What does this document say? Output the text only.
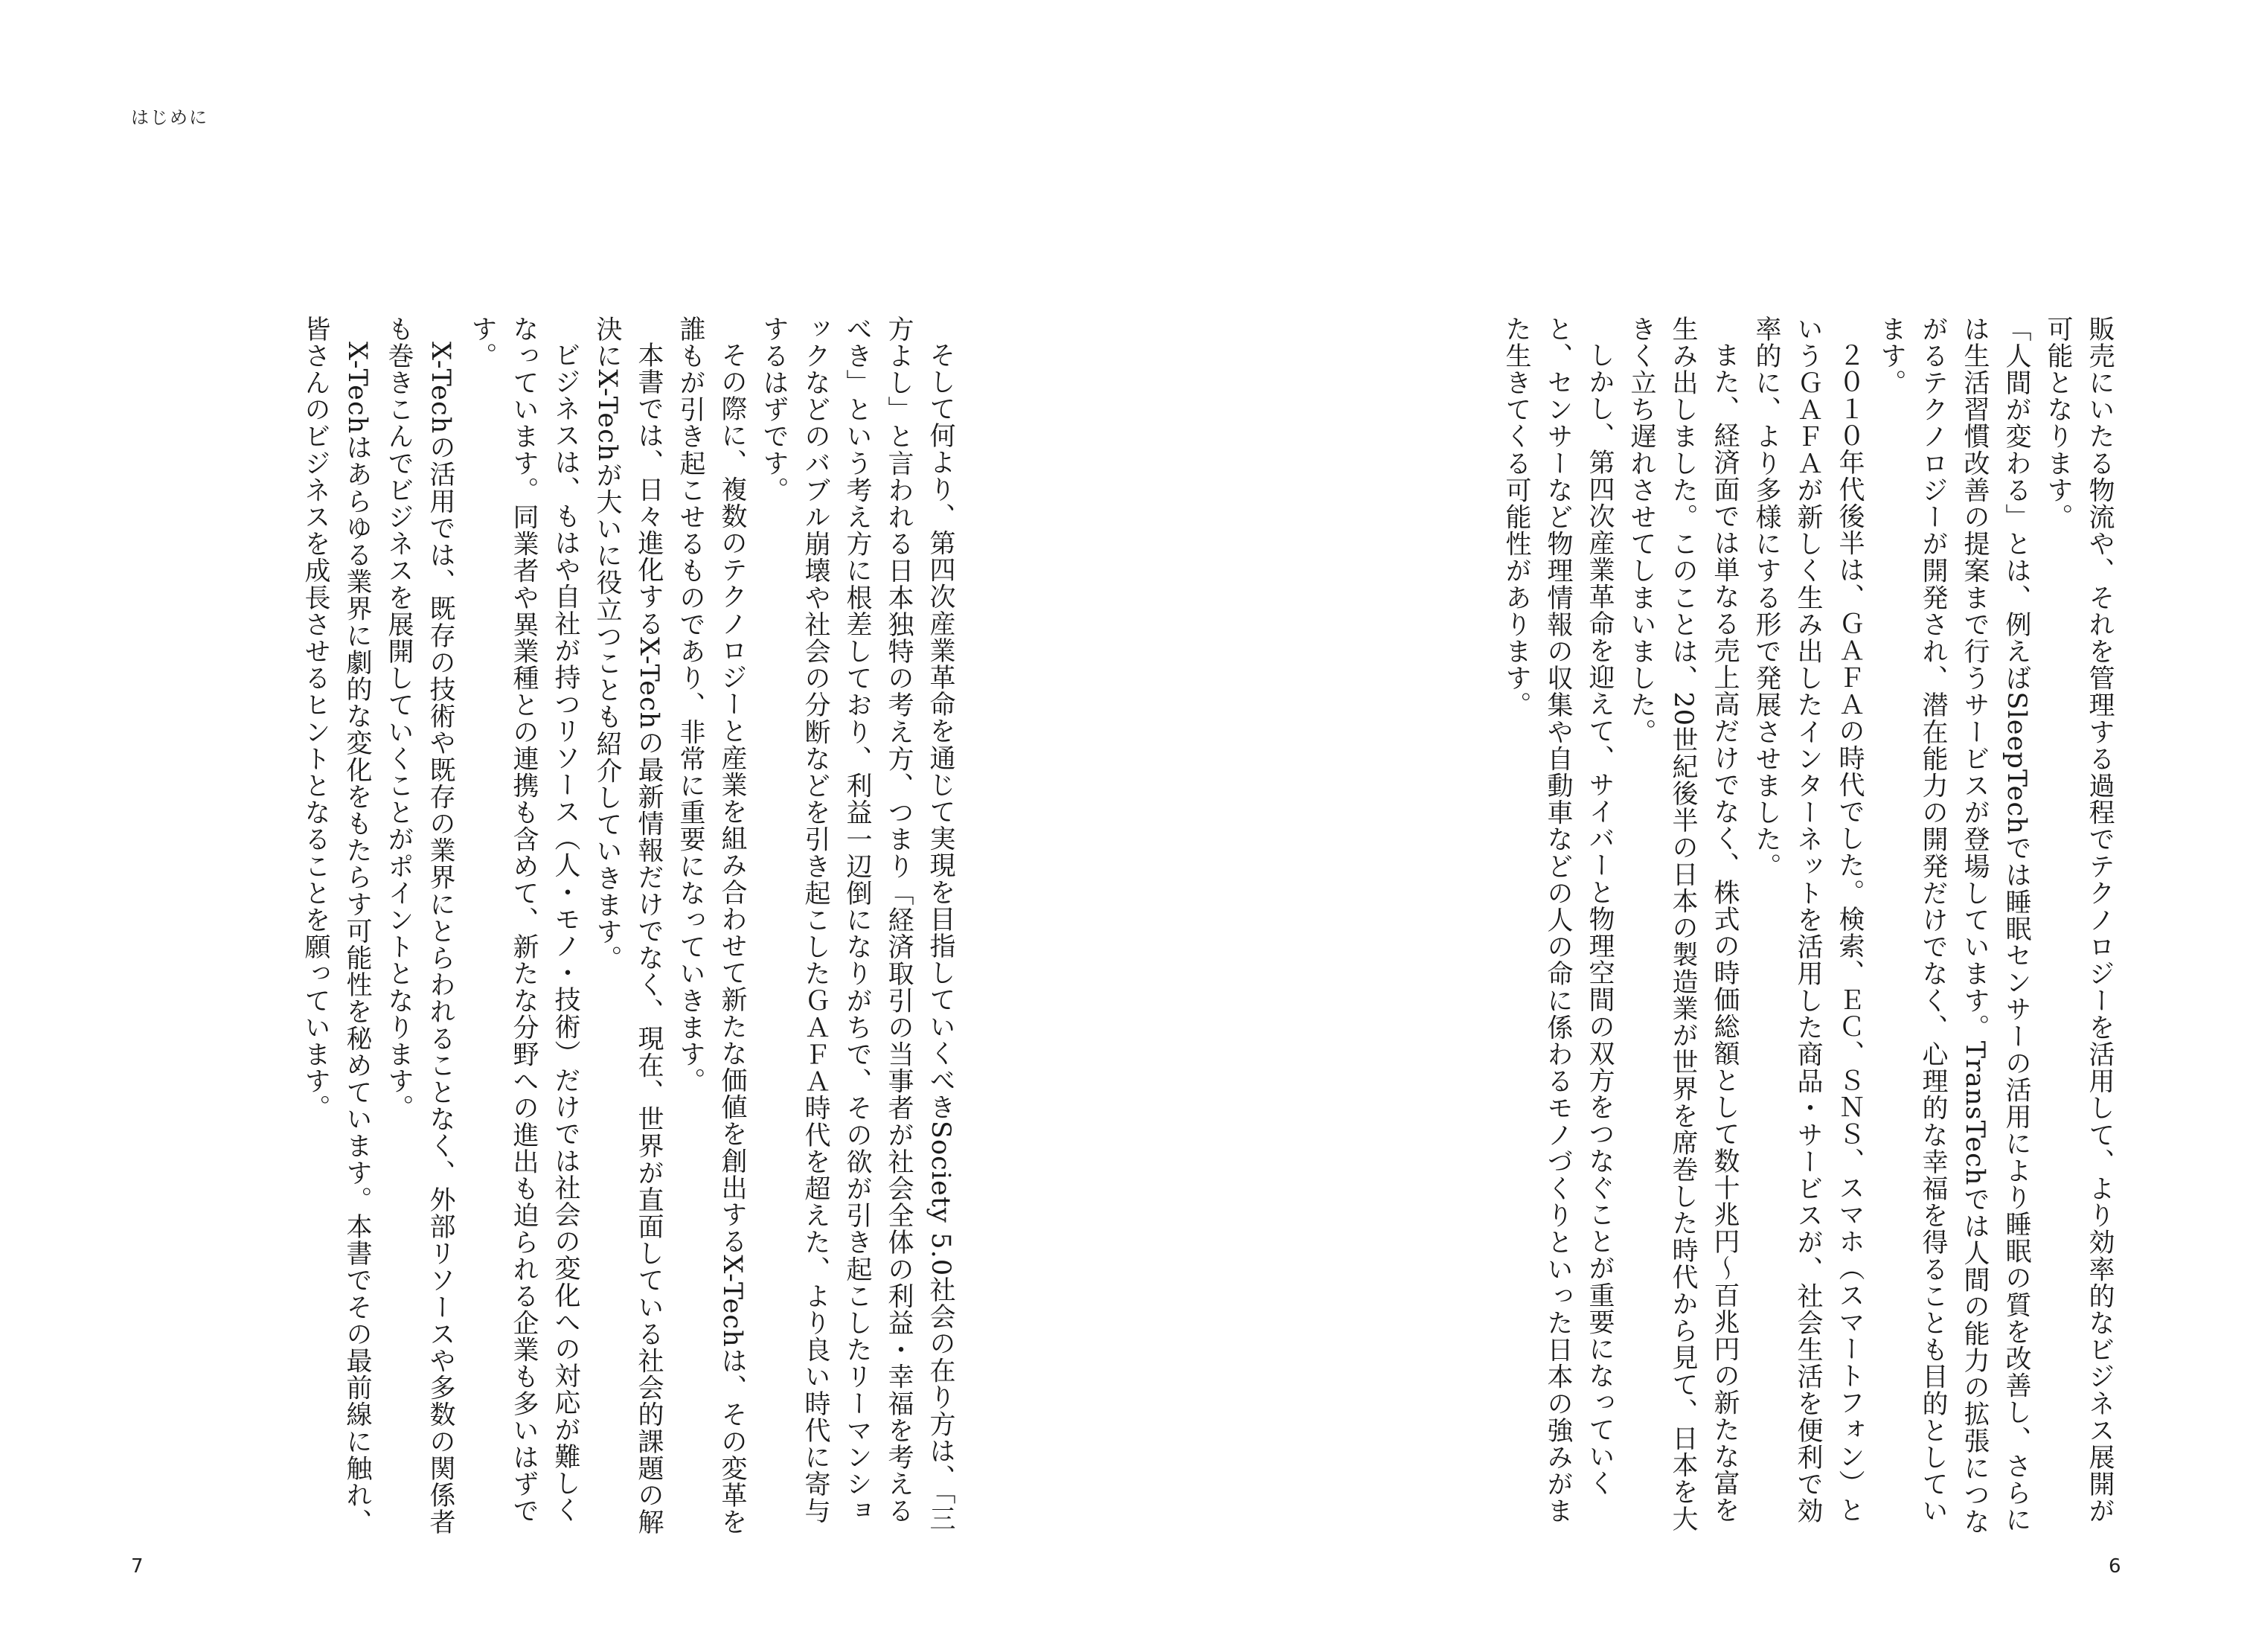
はじめに

販売にいたる物流や、それを管理する過程でテクノロジーを活用して、より効率的なビジネス展開が可能となります。

「人間が変わる」とは、例えばSleepTechでは睡眠センサーの活用により睡眠の質を改善し、さらには生活習慣改善の提案まで行うサービスが登場しています。TransTechでは人間の能力の拡張につながるテクノロジーが開発され、潜在能力の開発だけでなく、心理的な幸福を得ることも目的としています。

２０１０年代後半は、ＧＡＦＡの時代でした。検索、ＥＣ、ＳＮＳ、スマホ（スマートフォン）というＧＡＦＡが新しく生み出したインターネットを活用した商品・サービスが、社会生活を便利で効率的に、より多様にする形で発展させました。

また、経済面では単なる売上高だけでなく、株式の時価総額として数十兆円～百兆円の新たな富を生み出しました。このことは、20世紀後半の日本の製造業が世界を席巻した時代から見て、日本を大きく立ち遅れさせてしまいました。

しかし、第四次産業革命を迎えて、サイバーと物理空間の双方をつなぐことが重要になっていくと、センサーなど物理情報の収集や自動車などの人の命に係わるモノづくりといった日本の強みがまた生きてくる可能性があります。

そして何より、第四次産業革命を通じて実現を目指していくべきSociety 5.0社会の在り方は、「三方よし」と言われる日本独特の考え方、つまり「経済取引の当事者が社会全体の利益・幸福を考えるべき」という考え方に根差しており、利益一辺倒になりがちで、その欲が引き起こしたリーマンショックなどのバブル崩壊や社会の分断などを引き起こしたＧＡＦＡ時代を超えた、より良い時代に寄与するはずです。

その際に、複数のテクノロジーと産業を組み合わせて新たな価値を創出するX-Techは、その変革を誰もが引き起こせるものであり、非常に重要になっていきます。

本書では、日々進化するX-Techの最新情報だけでなく、現在、世界が直面している社会的課題の解決にX-Techが大いに役立つことも紹介していきます。

ビジネスは、もはや自社が持つリソース（人・モノ・技術）だけでは社会の変化への対応が難しくなっています。同業者や異業種との連携も含めて、新たな分野への進出も迫られる企業も多いはずです。

X-Techの活用では、既存の技術や既存の業界にとらわれることなく、外部リソースや多数の関係者も巻きこんでビジネスを展開していくことがポイントとなります。

X-Techはあらゆる業界に劇的な変化をもたらす可能性を秘めています。本書でその最前線に触れ、皆さんのビジネスを成長させるヒントとなることを願っています。

7	6
